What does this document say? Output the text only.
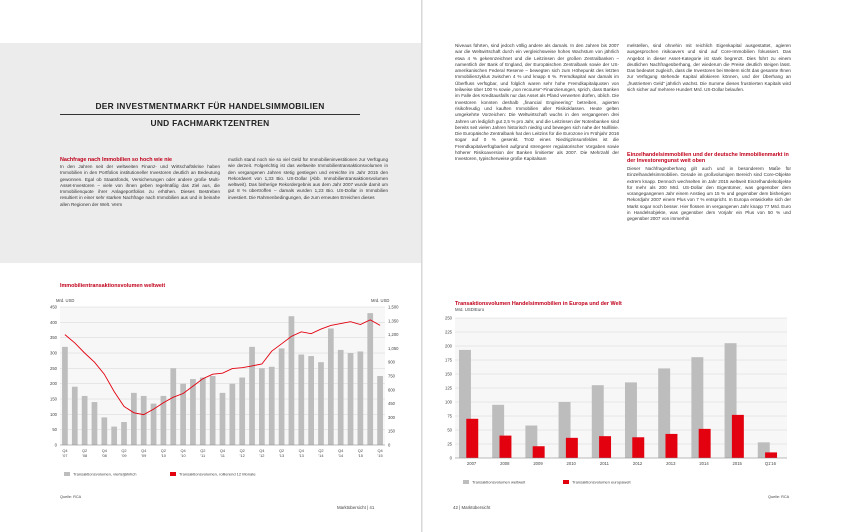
DER INVESTMENTMARKT FÜR HANDELSIMMOBILIEN
UND FACHMARKTZENTREN

Nachfrage nach Immobilien so hoch wie nie

In den Jahren seit der weltweiten Finanz- und Wirtschaftskrise haben Immobilien in den Portfolios institutioneller Investoren deutlich an Bedeutung gewonnen. Egal ob Staatsfonds, Versicherungen oder andere große Multi-Asset-Investoren – viele von ihnen geben regelmäßig das Ziel aus, die Immobilienquote ihrer Anlageportfolios zu erhöhen. Dieses Bestreben resultiert in einer sehr starken Nachfrage nach Immobilien aus und in beinahe allen Regionen der Welt. Verm

mutlich stand noch nie so viel Geld für Immobilieninvestitionen zur Verfügung wie derzeit. Folgerichtig ist das weltweite Immobilientransaktionsvolumen in den vergangenen Jahren stetig gestiegen und erreichte im Jahr 2015 den Rekordwert von 1,33 Bio. US-Dollar (Abb. Immobilientransaktionsvolumen weltweit). Das bisherige Rekordergebnis aus dem Jahr 2007 wurde damit um gut 8 % übertroffen – damals wurden 1,23 Bio. US-Dollar in Immobilien investiert. Die Rahmenbedingungen, die zum erneuten Erreichen dieses

Immobilientransaktionsvolumen weltweit

0
50
100
150
200
250
300
350
400
450
0
150
300
450
600
750
900
1,050
1,200
1,350
1,500
Mrd. USD	Mrd. USD
Q4
'07
Q2
'08
Q4
'08
Q2
'09
Q4
'09
Q2
'10
Q4
'10
Q2
'11
Q4
'11
Q2
'12
Q4
'12
Q2
'13
Q4
'13
Q2
'14
Q4
'14
Q2
'15
Q4
'15
Transaktionsvolumen, vierteljährlich	Transaktionsvolumen, rollierend 12 Monate
Quelle: RCA
Marktübersicht | 41

Niveaus führten, sind jedoch völlig andere als damals. In den Jahren bis 2007 war die Weltwirtschaft durch ein vergleichsweise hohes Wachstum von jährlich etwa 4 % gekennzeichnet und die Leitzinsen der großen Zentralbanken – namentlich der Bank of England, der Europäischen Zentralbank sowie der US-amerikanischen Federal Reserve – bewegten sich zum Höhepunkt des letzten Immobilienzyklus zwischen 4 % und knapp 6 %. Fremdkapital war damals im Überfluss verfügbar, und folglich waren sehr hohe Fremdkapitalquoten von teilweise über 100 % sowie „non recourse"-Finanzierungen, sprich, dass Banken im Falle des Kreditausfalls nur das Asset als Pfand verwerten dürfen, üblich. Die Investoren konnten deshalb „financial Engineering" betreiben, agierten risikofreudig und kauften Immobilien aller Risikoklassen. Heute gelten umgekehrte Vorzeichen: Die Weltwirtschaft wuchs in den vergangenen drei Jahren um lediglich gut 2,5 % pro Jahr, und die Leitzinsen der Notenbanken sind bereits seit vielen Jahren historisch niedrig und bewegen sich nahe der Nulllinie. Die Europäische Zentralbank hat den Leitzins für die Eurozone im Frühjahr 2016 sogar auf 0 % gesenkt. Trotz eines Niedrigzinsumfeldes ist die Fremdkapitalverfügbarkeit aufgrund strengerer regulatorischer Vorgaben sowie höherer Risikoaversion der Banken limitierter als 2007. Die Mehrzahl der Investoren, typischerweise große Kapitalsam

melstellen, sind ohnehin mit reichlich Eigenkapital ausgestattet, agieren ausgesprochen risikoavers und sind auf Core-Immobilien fokussiert. Das Angebot in dieser Asset-Kategorie ist stark begrenzt. Dies führt zu einem deutlichen Nachfrageüberhang, der wiederum die Preise deutlich steigen lässt. Das bedeutet zugleich, dass die Investoren bei Weitem nicht das gesamte Ihnen zur Verfügung stehende Kapital allokieren können, und der Überhang an „frustriertem Geld" jährlich wächst. Die Summe dieses frustrierten Kapitals wird sich sicher auf mehrere Hundert Mrd. US-Dollar belaufen.

Einzelhandelsimmobilien und der deutsche Immobilienmarkt in der Investorengunst weit oben

Dieser Nachfrageüberhang gilt auch und in besonderem Maße für Einzelhandelsimmobilien. Gerade im großvolumigen Bereich sind Core-Objekte extrem knapp. Dennoch wechselten im Jahr 2015 weltweit Einzelhandelsobjekte für mehr als 200 Mrd. US-Dollar den Eigentümer, was gegenüber dem vorangegangenen Jahr einem Anstieg um 15 % und gegenüber dem bisherigen Rekordjahr 2007 einem Plus von 7 % entspricht. In Europa entwickelte sich der Markt sogar noch besser. Hier flossen im vergangenen Jahr knapp 77 Mrd. Euro in Handelsobjekte, was gegenüber dem Vorjahr ein Plus von 50 % und gegenüber 2007 von immerhin

Transaktionsvolumen Handelsimmobilien in Europa und der Welt

Mrd. USD/Euro
0
25
50
75
100
125
150
175
200
225
250
2007	2008	2009	2010	2011	2012	2013	2014	2015	Q1'16
Transaktionsvolumen weltweit	Transaktionsvolumen europaweit
Quelle: RCA
42 | Marktübersicht
